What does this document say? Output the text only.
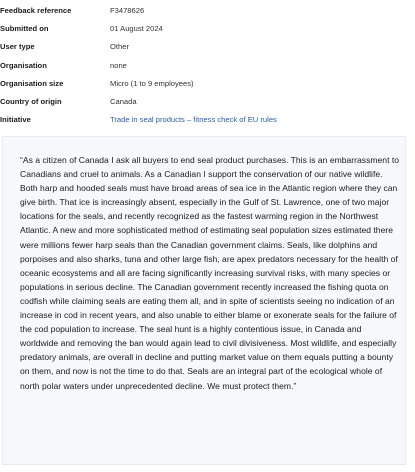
Feedback reference	F3478626
Submitted on	01 August 2024
User type	Other
Organisation	none
Organisation size	Micro (1 to 9 employees)
Country of origin	Canada
Initiative	Trade in seal products – fitness check of EU rules

“As a citizen of Canada I ask all buyers to end seal product purchases. This is an embarrassment to Canadians and cruel to animals. As a Canadian I support the conservation of our native wildlife. Both harp and hooded seals must have broad areas of sea ice in the Atlantic region where they can give birth. That ice is increasingly absent, especially in the Gulf of St. Lawrence, one of two major locations for the seals, and recently recognized as the fastest warming region in the Northwest Atlantic. A new and more sophisticated method of estimating seal population sizes estimated there were millions fewer harp seals than the Canadian government claims. Seals, like dolphins and porpoises and also sharks, tuna and other large fish, are apex predators necessary for the health of oceanic ecosystems and all are facing significantly increasing survival risks, with many species or populations in serious decline. The Canadian government recently increased the fishing quota on codfish while claiming seals are eating them all, and in spite of scientists seeing no indication of an increase in cod in recent years, and also unable to either blame or exonerate seals for the failure of the cod population to increase. The seal hunt is a highly contentious issue, in Canada and worldwide and removing the ban would again lead to civil divisiveness. Most wildlife, and especially predatory animals, are overall in decline and putting market value on them equals putting a bounty on them, and now is not the time to do that. Seals are an integral part of the ecological whole of north polar waters under unprecedented decline. We must protect them.”
